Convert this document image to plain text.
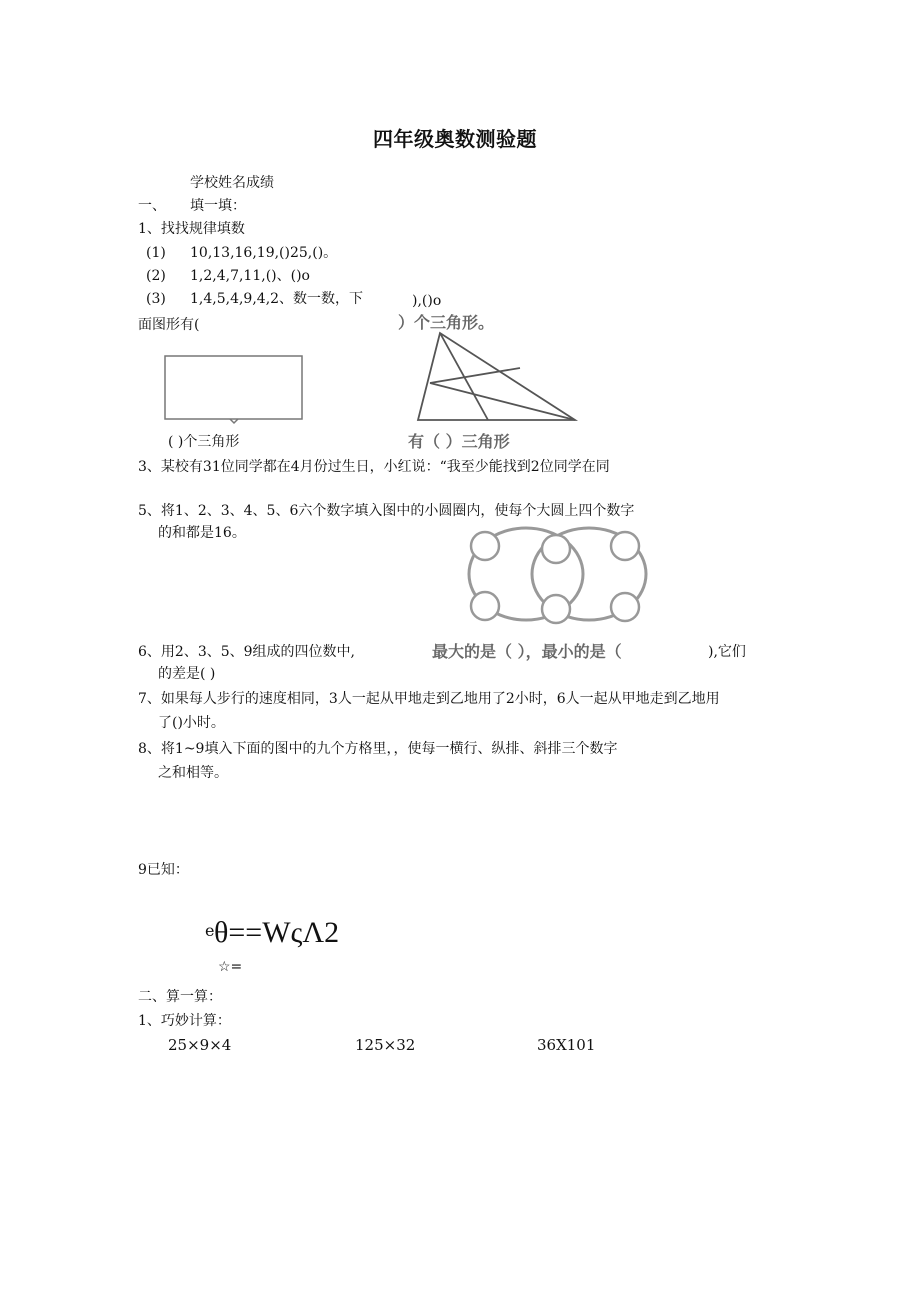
四年级奥数测验题
学校姓名成绩
一、 填一填：
1、找找规律填数
(1) 10,13,16,19,()25,()。
(2) 1,2,4,7,11,()、()o
(3) 1,4,5,4,9,4,2、数一数，下	),()o
面图形有(	）个三角形。
( )个三角形	有（ ）三角形
3、某校有31位同学都在4月份过生日，小红说：“我至少能找到2位同学在同
5、将1、2、3、4、5、6六个数字填入图中的小圆圈内，使每个大圆上四个数字
的和都是16。
6、用2、3、5、9组成的四位数中,	最大的是（ ），最小的是（	),它们
的差是( )
7、如果每人步行的速度相同，3人一起从甲地走到乙地用了2小时，6人一起从甲地走到乙地用
了()小时。
8、将1~9填入下面的图中的九个方格里，，使每一横行、纵排、斜排三个数字
之和相等。
9已知：
e θ==WςΛ2
☆=
二、算一算：
1、巧妙计算：
25×9×4	125×32	36X101
